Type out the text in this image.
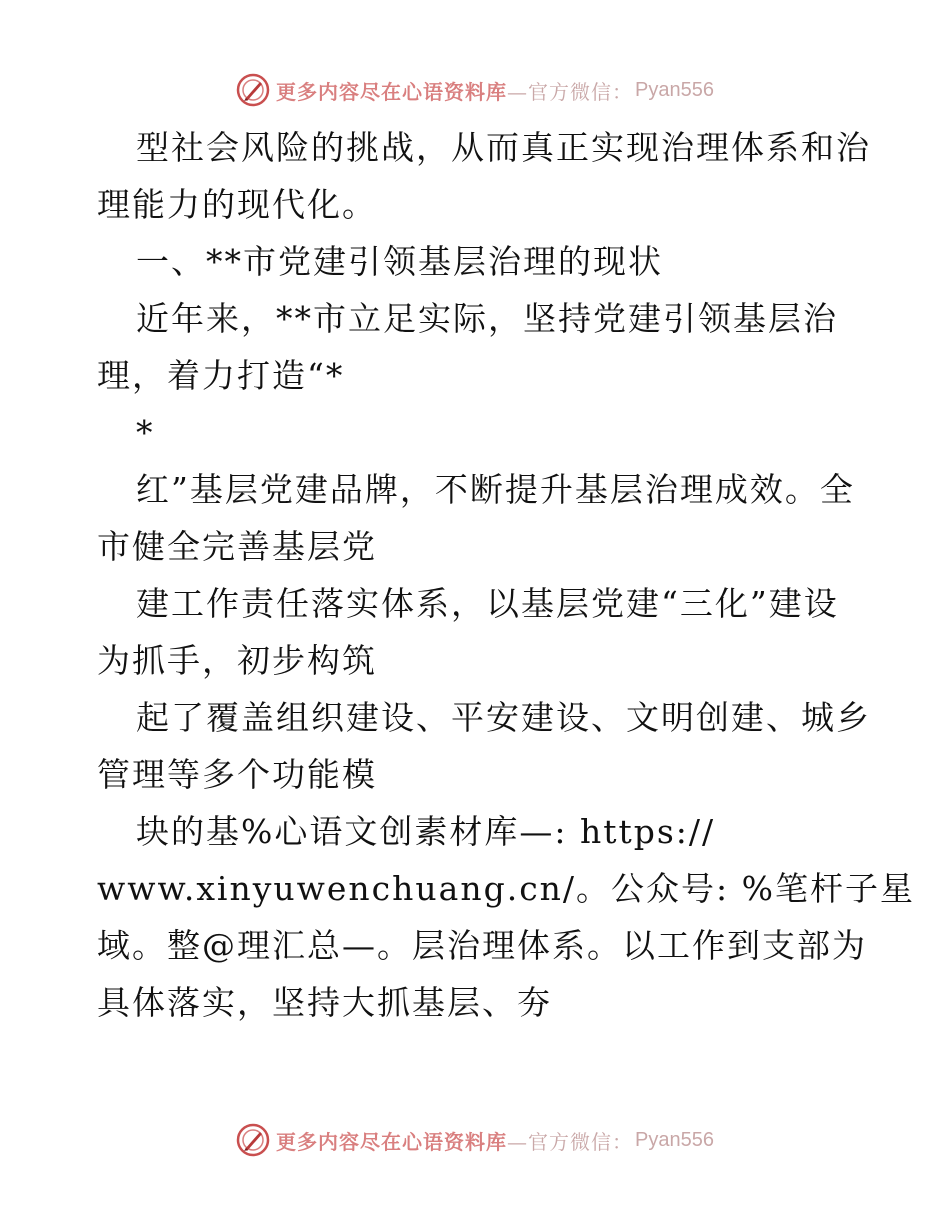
更多内容尽在心语资料库 —官方微信： Pyan556
型社会风险的挑战，从而真正实现治理体系和治
理能力的现代化。
一、**市党建引领基层治理的现状
近年来，**市立足实际，坚持党建引领基层治
理，着力打造“*
*
红”基层党建品牌，不断提升基层治理成效。全
市健全完善基层党
建工作责任落实体系，以基层党建“三化”建设
为抓手，初步构筑
起了覆盖组织建设、平安建设、文明创建、城乡
管理等多个功能模
块的基%心语文创素材库—: https://
www.xinyuwenchuang.cn/。公众号: %笔杆子星
域。整@理汇总—。层治理体系。以工作到支部为
具体落实，坚持大抓基层、夯
更多内容尽在心语资料库 —官方微信： Pyan556
